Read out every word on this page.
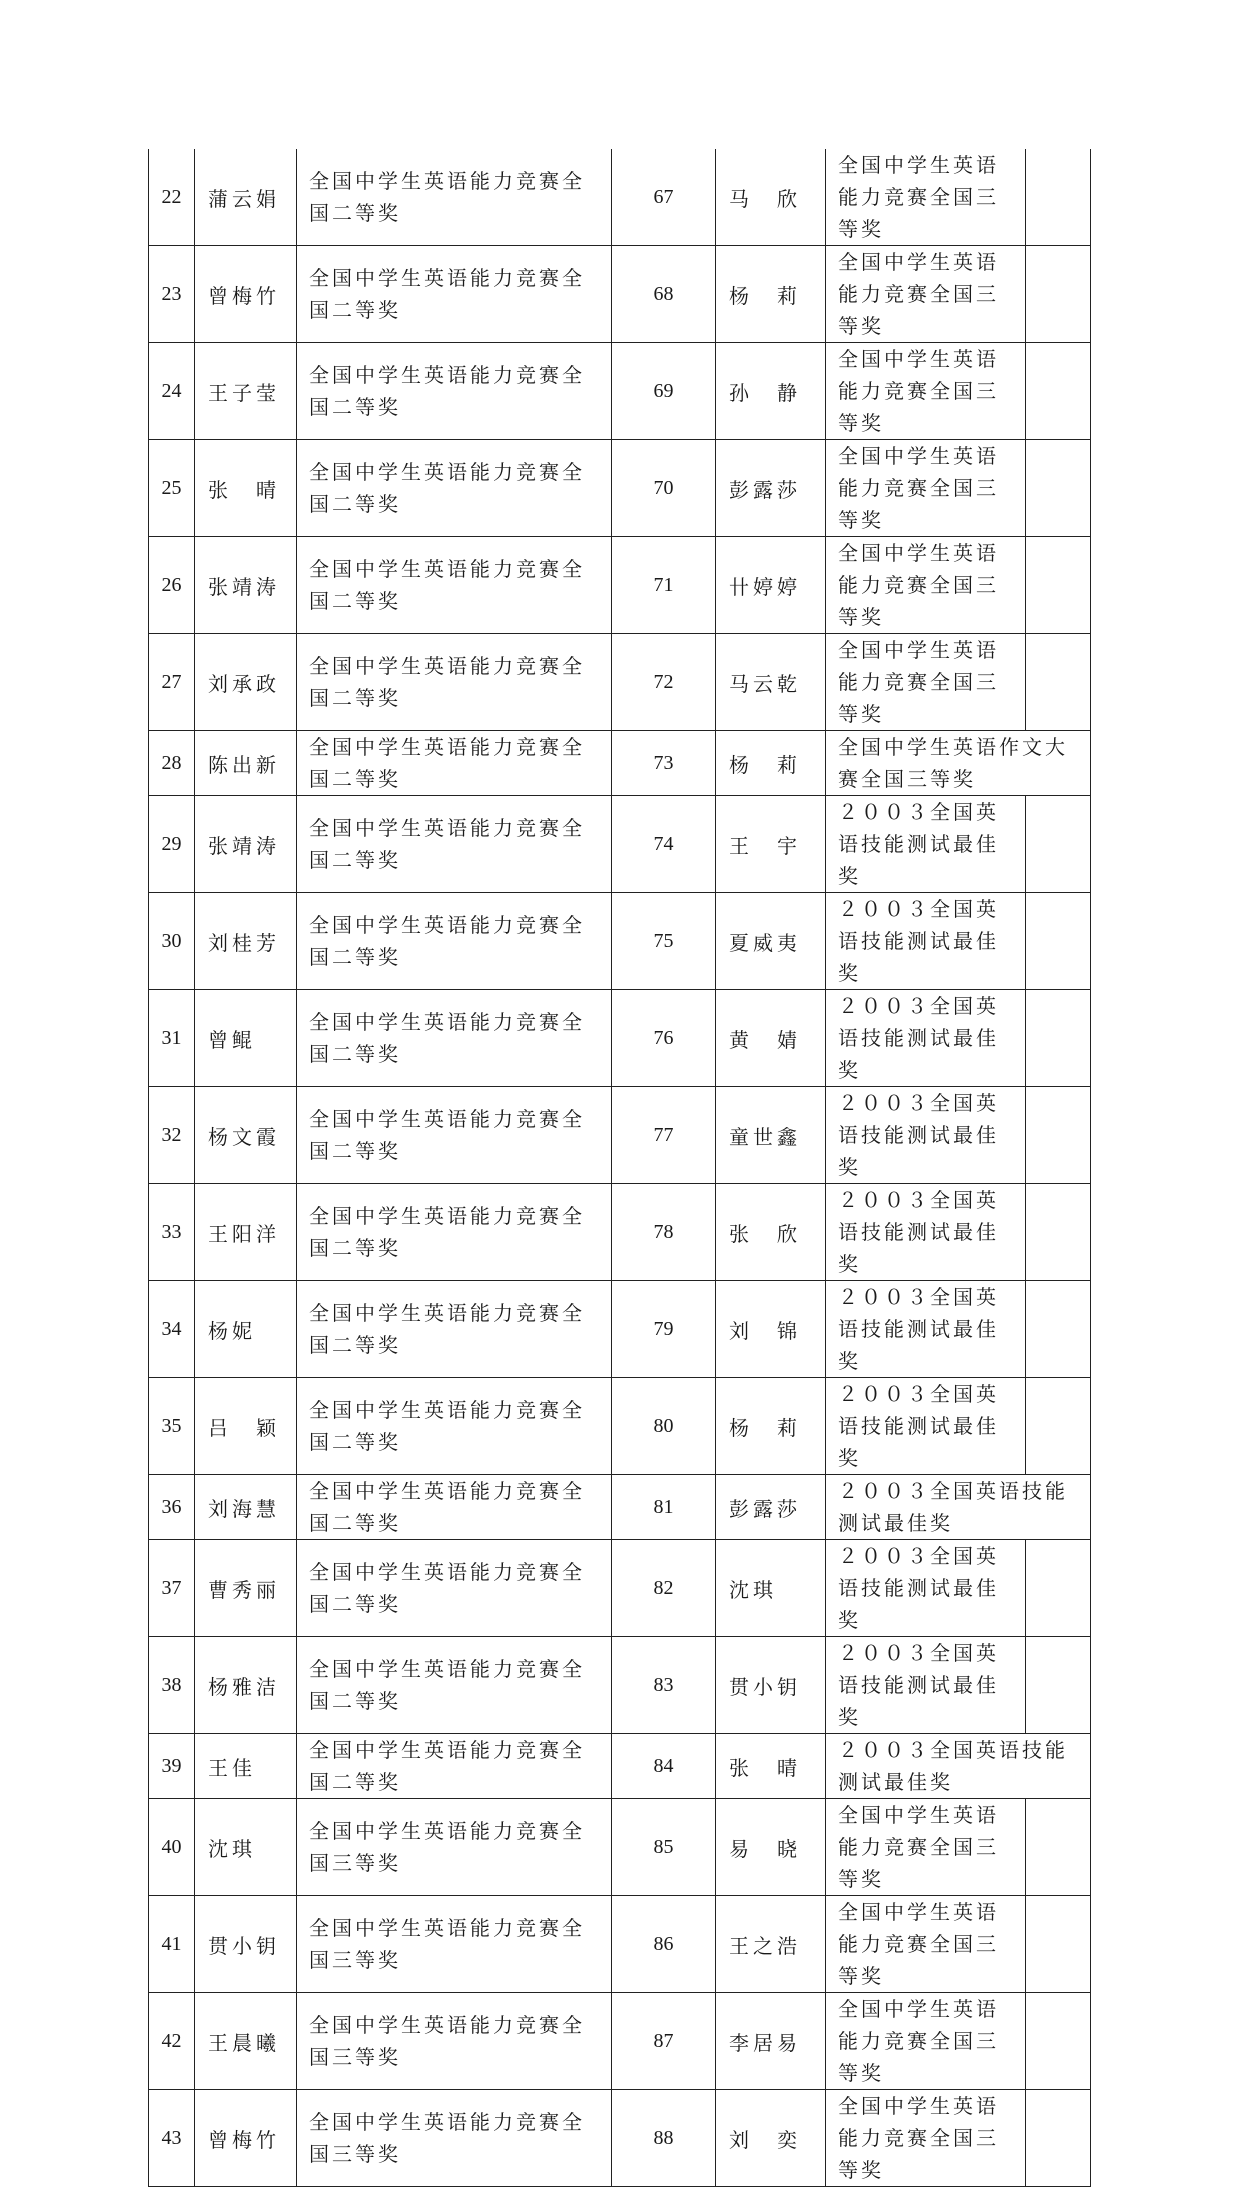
22	蒲云娟	全国中学生英语能力竞赛全国二等奖	67	马　欣	全国中学生英语能力竞赛全国三等奖	
23	曾梅竹	全国中学生英语能力竞赛全国二等奖	68	杨　莉	全国中学生英语能力竞赛全国三等奖	
24	王子莹	全国中学生英语能力竞赛全国二等奖	69	孙　静	全国中学生英语能力竞赛全国三等奖	
25	张　晴	全国中学生英语能力竞赛全国二等奖	70	彭露莎	全国中学生英语能力竞赛全国三等奖	
26	张靖涛	全国中学生英语能力竞赛全国二等奖	71	卄婷婷	全国中学生英语能力竞赛全国三等奖	
27	刘承政	全国中学生英语能力竞赛全国二等奖	72	马云乾	全国中学生英语能力竞赛全国三等奖	
28	陈出新	全国中学生英语能力竞赛全国二等奖	73	杨　莉	全国中学生英语作文大赛全国三等奖	
29	张靖涛	全国中学生英语能力竞赛全国二等奖	74	王　宇	２００３全国英语技能测试最佳奖	
30	刘桂芳	全国中学生英语能力竞赛全国二等奖	75	夏威夷	２００３全国英语技能测试最佳奖	
31	曾鲲	全国中学生英语能力竞赛全国二等奖	76	黄　婧	２００３全国英语技能测试最佳奖	
32	杨文霞	全国中学生英语能力竞赛全国二等奖	77	童世鑫	２００３全国英语技能测试最佳奖	
33	王阳洋	全国中学生英语能力竞赛全国二等奖	78	张　欣	２００３全国英语技能测试最佳奖	
34	杨妮	全国中学生英语能力竞赛全国二等奖	79	刘　锦	２００３全国英语技能测试最佳奖	
35	吕　颖	全国中学生英语能力竞赛全国二等奖	80	杨　莉	２００３全国英语技能测试最佳奖	
36	刘海慧	全国中学生英语能力竞赛全国二等奖	81	彭露莎	２００３全国英语技能测试最佳奖	
37	曹秀丽	全国中学生英语能力竞赛全国二等奖	82	沈琪	２００３全国英语技能测试最佳奖	
38	杨雅洁	全国中学生英语能力竞赛全国二等奖	83	贯小钥	２００３全国英语技能测试最佳奖	
39	王佳	全国中学生英语能力竞赛全国二等奖	84	张　晴	２００３全国英语技能测试最佳奖	
40	沈琪	全国中学生英语能力竞赛全国三等奖	85	易　晓	全国中学生英语能力竞赛全国三等奖	
41	贯小钥	全国中学生英语能力竞赛全国三等奖	86	王之浩	全国中学生英语能力竞赛全国三等奖	
42	王晨曦	全国中学生英语能力竞赛全国三等奖	87	李居易	全国中学生英语能力竞赛全国三等奖	
43	曾梅竹	全国中学生英语能力竞赛全国三等奖	88	刘　奕	全国中学生英语能力竞赛全国三等奖	
